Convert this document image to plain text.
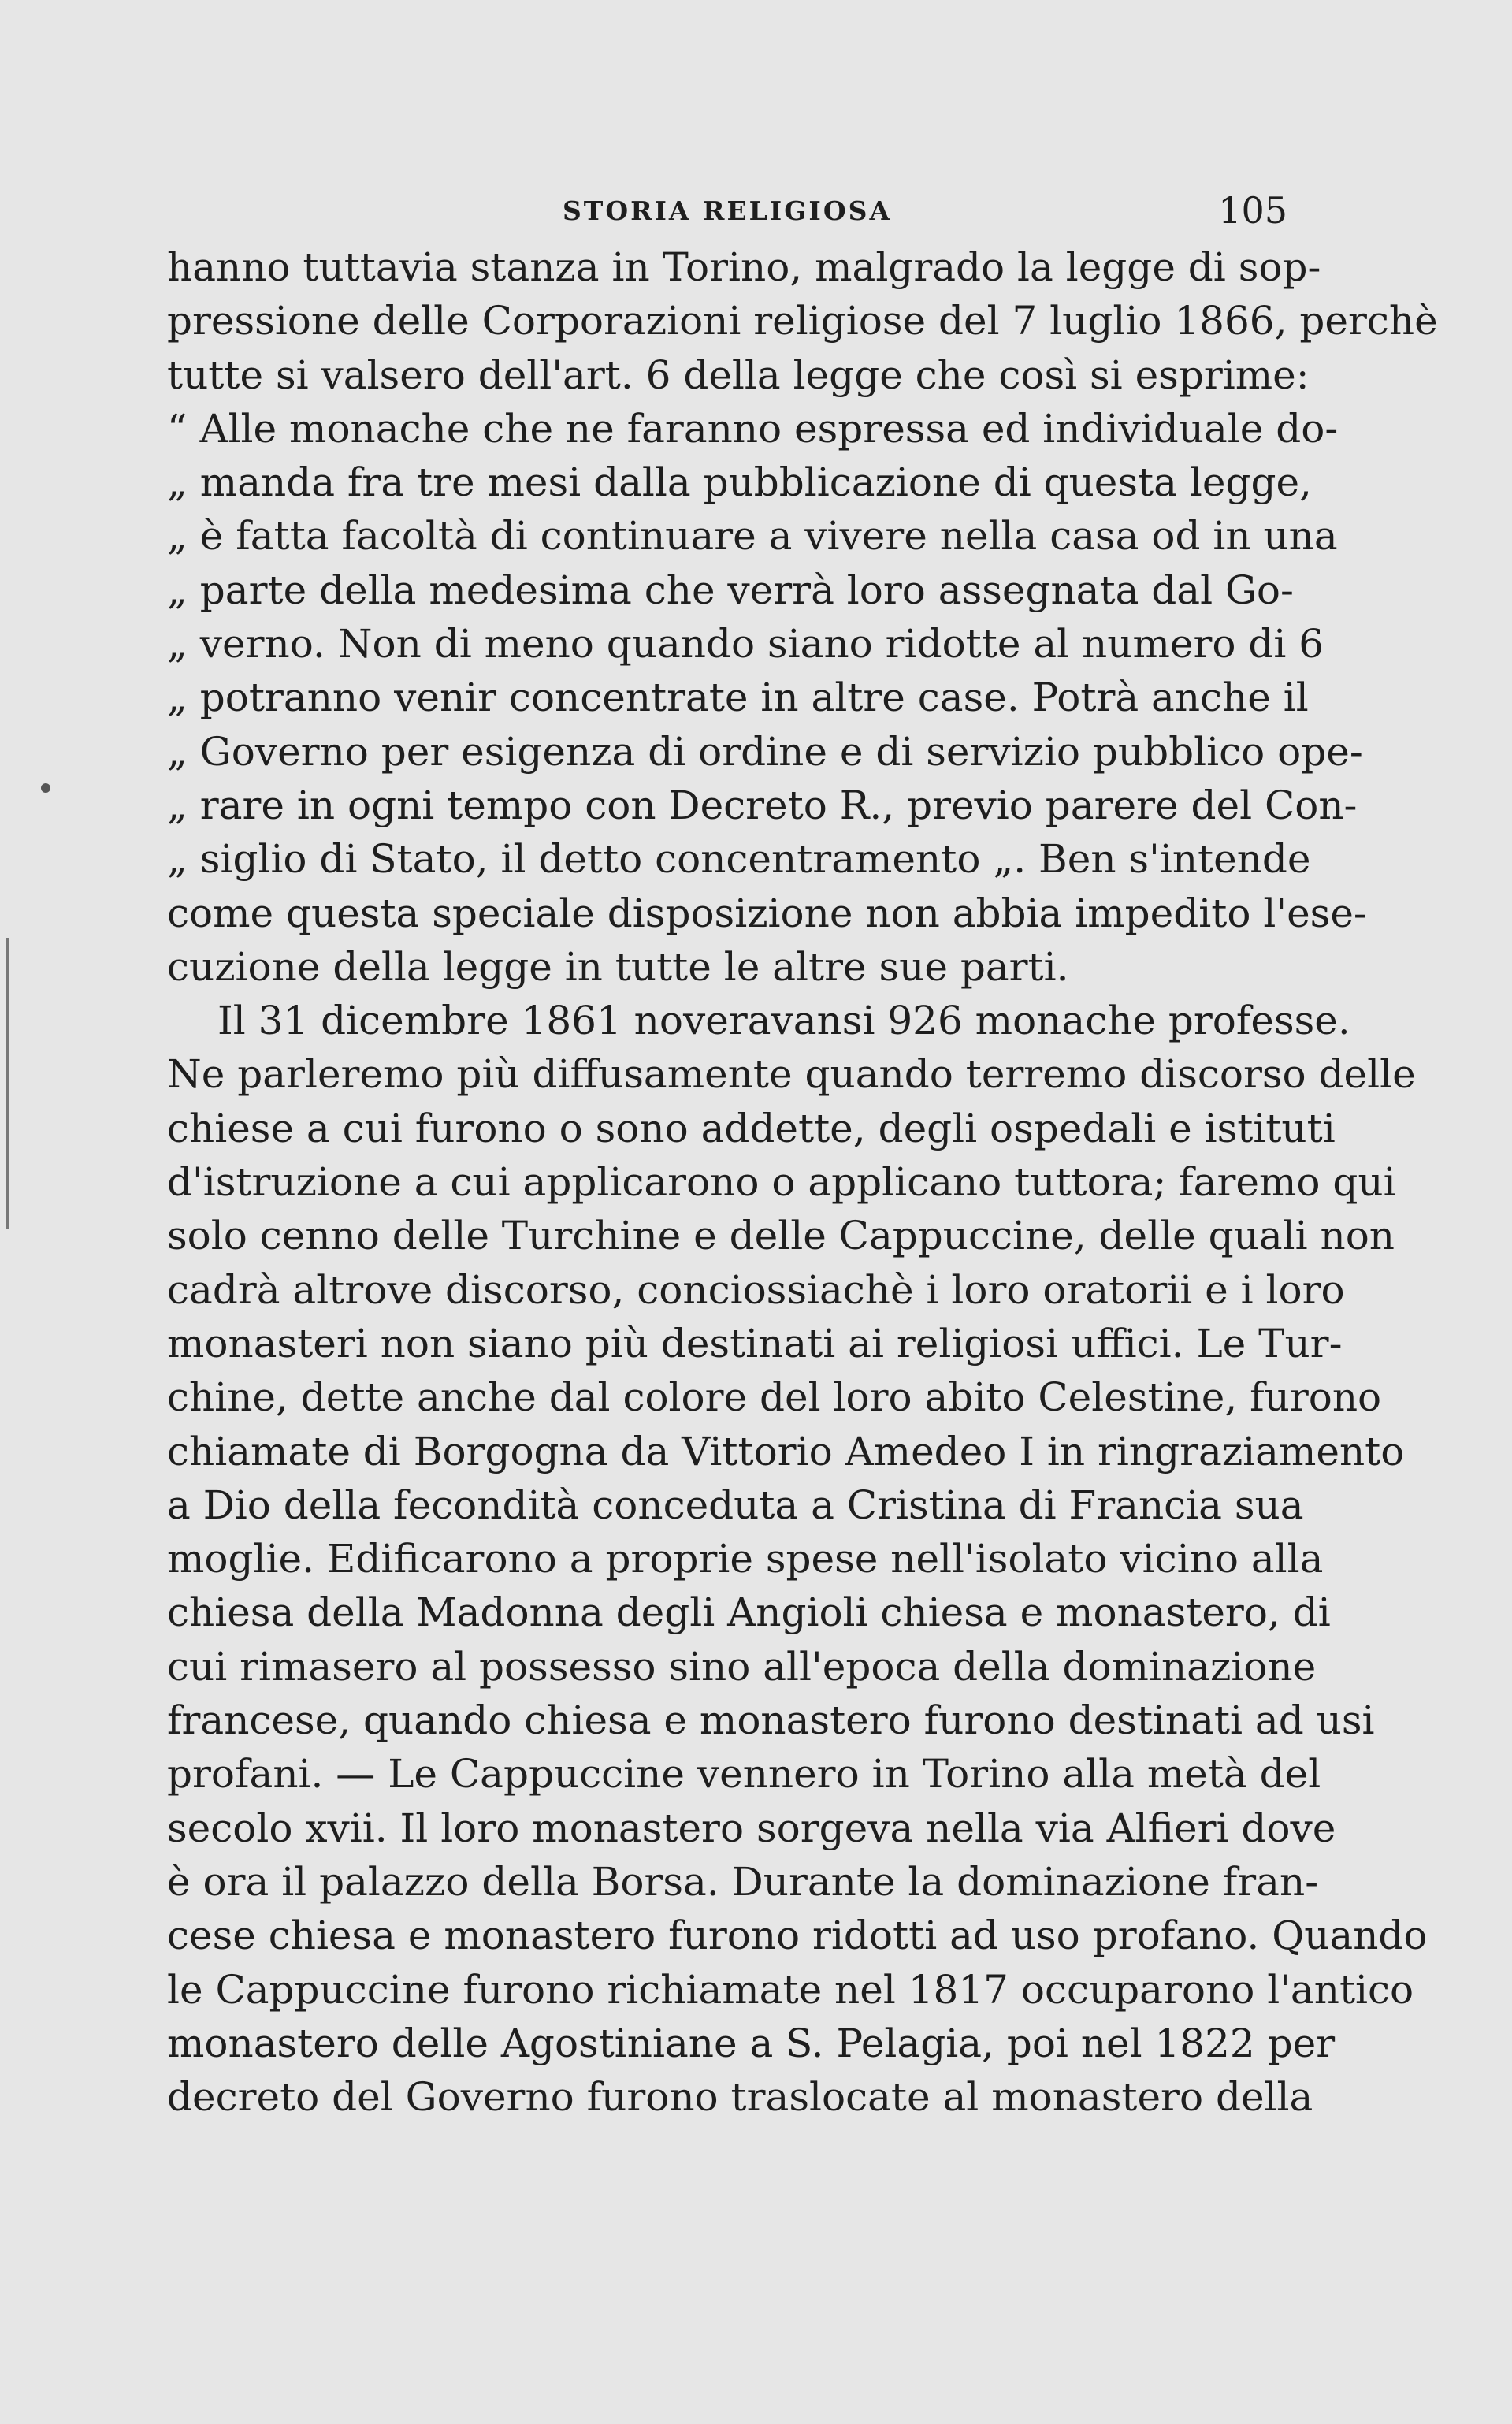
STORIA RELIGIOSA	105
hanno tuttavia stanza in Torino, malgrado la legge di sop-
pressione delle Corporazioni religiose del 7 luglio 1866, perchè
tutte si valsero dell'art. 6 della legge che così si esprime:
“ Alle monache che ne faranno espressa ed individuale do-
„ manda fra tre mesi dalla pubblicazione di questa legge,
„ è fatta facoltà di continuare a vivere nella casa od in una
„ parte della medesima che verrà loro assegnata dal Go-
„ verno. Non di meno quando siano ridotte al numero di 6
„ potranno venir concentrate in altre case. Potrà anche il
„ Governo per esigenza di ordine e di servizio pubblico ope-
„ rare in ogni tempo con Decreto R., previo parere del Con-
„ siglio di Stato, il detto concentramento „. Ben s'intende
come questa speciale disposizione non abbia impedito l'ese-
cuzione della legge in tutte le altre sue parti.
Il 31 dicembre 1861 noveravansi 926 monache professe.
Ne parleremo più diffusamente quando terremo discorso delle
chiese a cui furono o sono addette, degli ospedali e istituti
d'istruzione a cui applicarono o applicano tuttora; faremo qui
solo cenno delle Turchine e delle Cappuccine, delle quali non
cadrà altrove discorso, conciossiachè i loro oratorii e i loro
monasteri non siano più destinati ai religiosi uffici. Le Tur-
chine, dette anche dal colore del loro abito Celestine, furono
chiamate di Borgogna da Vittorio Amedeo I in ringraziamento
a Dio della fecondità conceduta a Cristina di Francia sua
moglie. Edificarono a proprie spese nell'isolato vicino alla
chiesa della Madonna degli Angioli chiesa e monastero, di
cui rimasero al possesso sino all'epoca della dominazione
francese, quando chiesa e monastero furono destinati ad usi
profani. — Le Cappuccine vennero in Torino alla metà del
secolo xvii. Il loro monastero sorgeva nella via Alfieri dove
è ora il palazzo della Borsa. Durante la dominazione fran-
cese chiesa e monastero furono ridotti ad uso profano. Quando
le Cappuccine furono richiamate nel 1817 occuparono l'antico
monastero delle Agostiniane a S. Pelagia, poi nel 1822 per
decreto del Governo furono traslocate al monastero della
